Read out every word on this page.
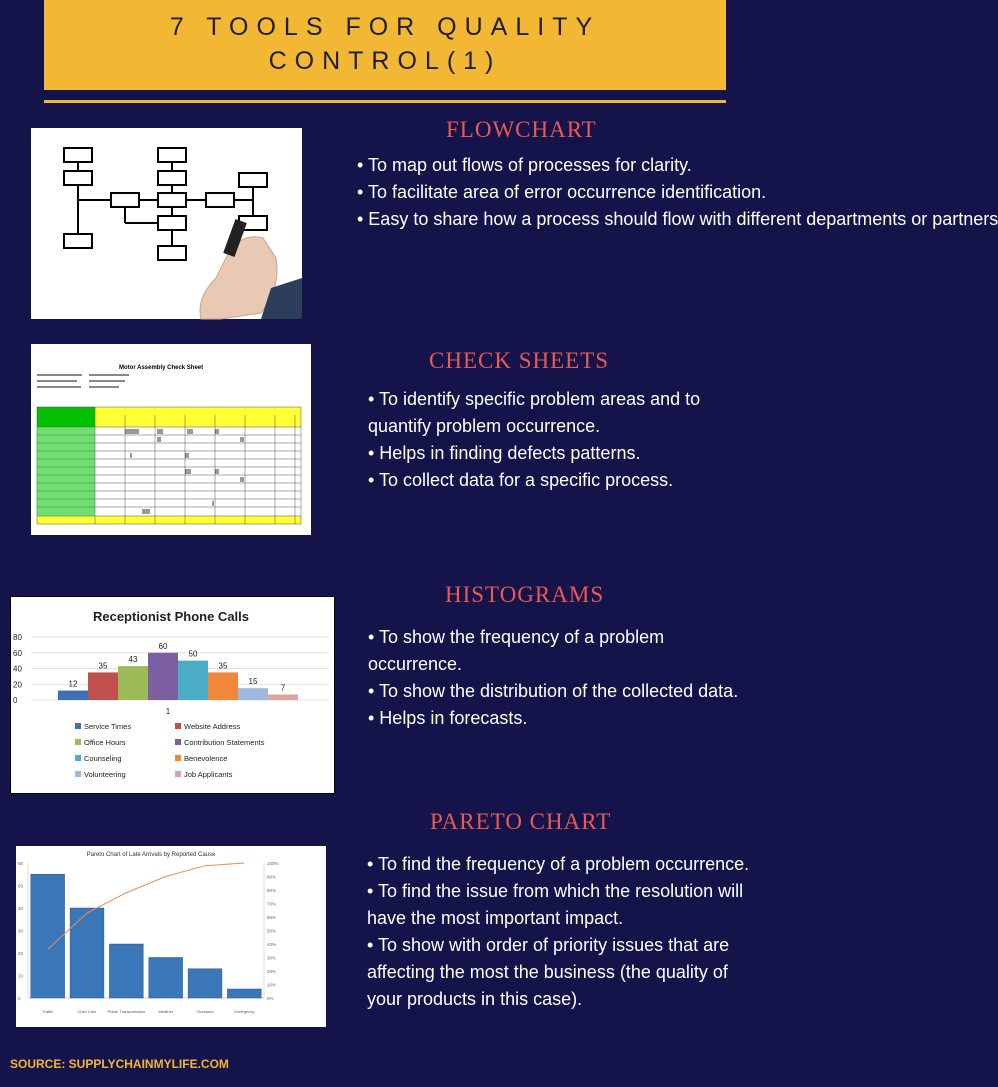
7 TOOLS FOR QUALITY
CONTROL(1)
FLOWCHART
• To map out flows of processes for clarity.
• To facilitate area of error occurrence identification.
• Easy to share how a process should flow with different departments or partners
Motor Assembly Check Sheet	CHECK SHEETS
• To identify specific problem areas and to quantify problem occurrence.
• Helps in finding defects patterns.
• To collect data for a specific process.
Receptionist Phone Calls
0
20
40
60
80
12
35
43
60
50
35
15
7
1
Service Times	Website Address
Office Hours	Contribution Statements
Counseling	Benevolence
Volunteering	Job Applicants
HISTOGRAMS
• To show the frequency of a problem occurrence.
• To show the distribution of the collected data.
• Helps in forecasts.
Pareto Chart of Late Arrivals by Reported Cause
0
10
20
30
40
50
60
0%
10%
20%
30%
40%
50%
60%
70%
80%
90%
100%
Traffic	Child Care	Public Transportation	Weather	Overslept	Emergency
PARETO CHART
• To find the frequency of a problem occurrence.
• To find the issue from which the resolution will have the most important impact.
• To show with order of priority issues that are affecting the most the business (the quality of your products in this case).
SOURCE: SUPPLYCHAINMYLIFE.COM
